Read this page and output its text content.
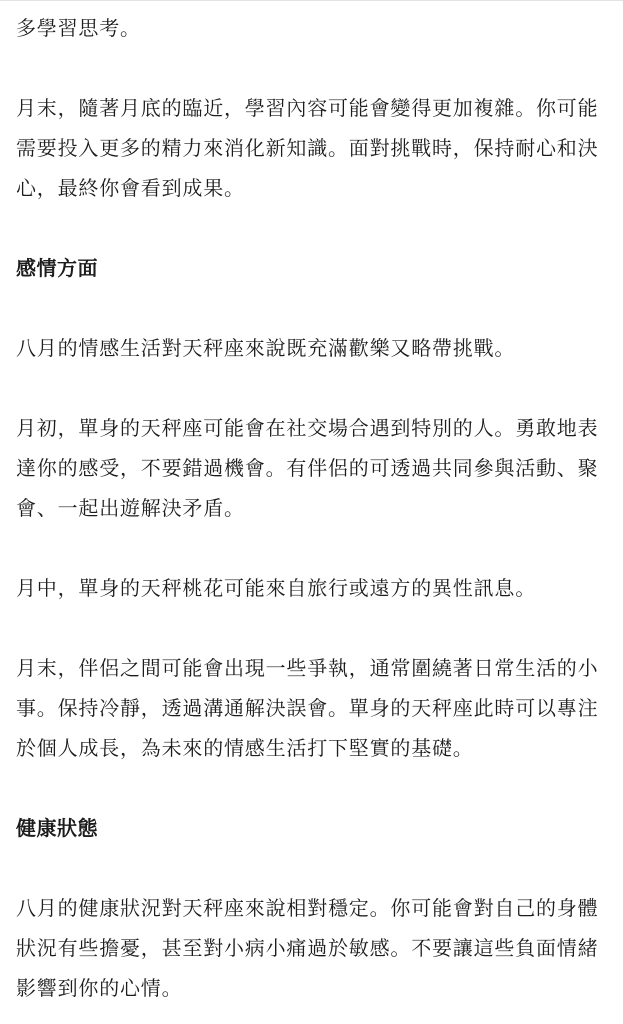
多學習思考。

月末，隨著月底的臨近，學習內容可能會變得更加複雜。你可能需要投入更多的精力來消化新知識。面對挑戰時，保持耐心和決心，最終你會看到成果。

感情方面

八月的情感生活對天秤座來說既充滿歡樂又略帶挑戰。

月初，單身的天秤座可能會在社交場合遇到特別的人。勇敢地表達你的感受，不要錯過機會。有伴侶的可透過共同參與活動、聚會、一起出遊解決矛盾。

月中，單身的天秤桃花可能來自旅行或遠方的異性訊息。

月末，伴侶之間可能會出現一些爭執，通常圍繞著日常生活的小事。保持冷靜，透過溝通解決誤會。單身的天秤座此時可以專注於個人成長，為未來的情感生活打下堅實的基礎。

健康狀態

八月的健康狀況對天秤座來說相對穩定。你可能會對自己的身體狀況有些擔憂，甚至對小病小痛過於敏感。不要讓這些負面情緒影響到你的心情。
